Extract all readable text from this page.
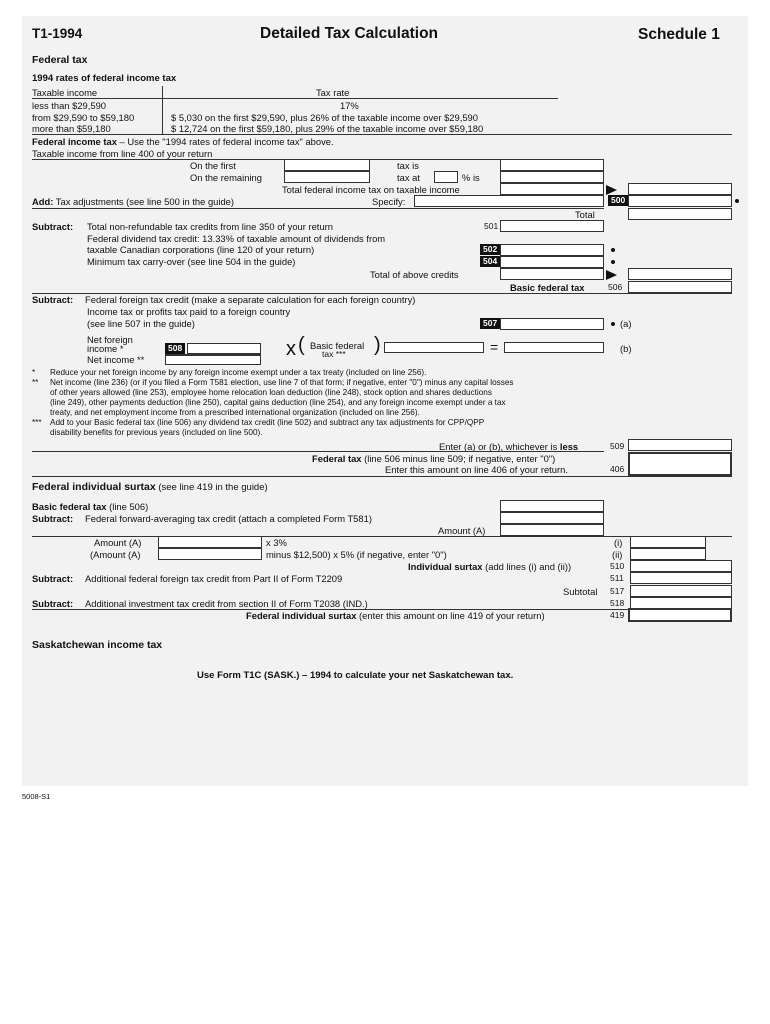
T1-1994	Detailed Tax Calculation	Schedule 1
Federal tax
1994 rates of federal income tax
Taxable income	Tax rate
less than $29,590	17%
from $29,590 to $59,180	$ 5,030 on the first $29,590, plus 26% of the taxable income over $29,590
more than $59,180	$ 12,724 on the first $59,180, plus 29% of the taxable income over $59,180
Federal income tax – Use the "1994 rates of federal income tax" above.
Taxable income from line 400 of your return
On the first	tax is
On the remaining	tax at	% is
Total federal income tax on taxable income
Add: Tax adjustments (see line 500 in the guide)	Specify:	500
Total
Subtract: Total non-refundable tax credits from line 350 of your return	501
Federal dividend tax credit: 13.33% of taxable amount of dividends from
taxable Canadian corporations (line 120 of your return)	502
Minimum tax carry-over (see line 504 in the guide)	504
Total of above credits
Basic federal tax	506
Subtract: Federal foreign tax credit (make a separate calculation for each foreign country)
Income tax or profits tax paid to a foreign country
(see line 507 in the guide)	507	(a)
Net foreign
income *	508
Net income **	x ( Basic federal
tax *** )	=	(b)
* Reduce your net foreign income by any foreign income exempt under a tax treaty (included on line 256).
** Net income (line 236) (or if you filed a Form T581 election, use line 7 of that form; if negative, enter "0") minus any capital losses
of other years allowed (line 253), employee home relocation loan deduction (line 248), stock option and shares deductions
(line 249), other payments deduction (line 250), capital gains deduction (line 254), and any foreign income exempt under a tax
treaty, and net employment income from a prescribed international organization (included on line 256).
*** Add to your Basic federal tax (line 506) any dividend tax credit (line 502) and subtract any tax adjustments for CPP/QPP
disability benefits for previous years (included on line 500).
Enter (a) or (b), whichever is less	509
Federal tax (line 506 minus line 509; if negative, enter "0")
Enter this amount on line 406 of your return.	406
Federal individual surtax (see line 419 in the guide)
Basic federal tax (line 506)
Subtract: Federal forward-averaging tax credit (attach a completed Form T581)
Amount (A)
Amount (A)	x 3%	(i)
(Amount (A)	minus $12,500) x 5% (if negative, enter "0")	(ii)
Individual surtax (add lines (i) and (ii))	510
Subtract: Additional federal foreign tax credit from Part II of Form T2209	511
Subtotal 517
Subtract: Additional investment tax credit from section II of Form T2038 (IND.)	518
Federal individual surtax (enter this amount on line 419 of your return)	419
Saskatchewan income tax
Use Form T1C (SASK.) – 1994 to calculate your net Saskatchewan tax.
5008-S1
